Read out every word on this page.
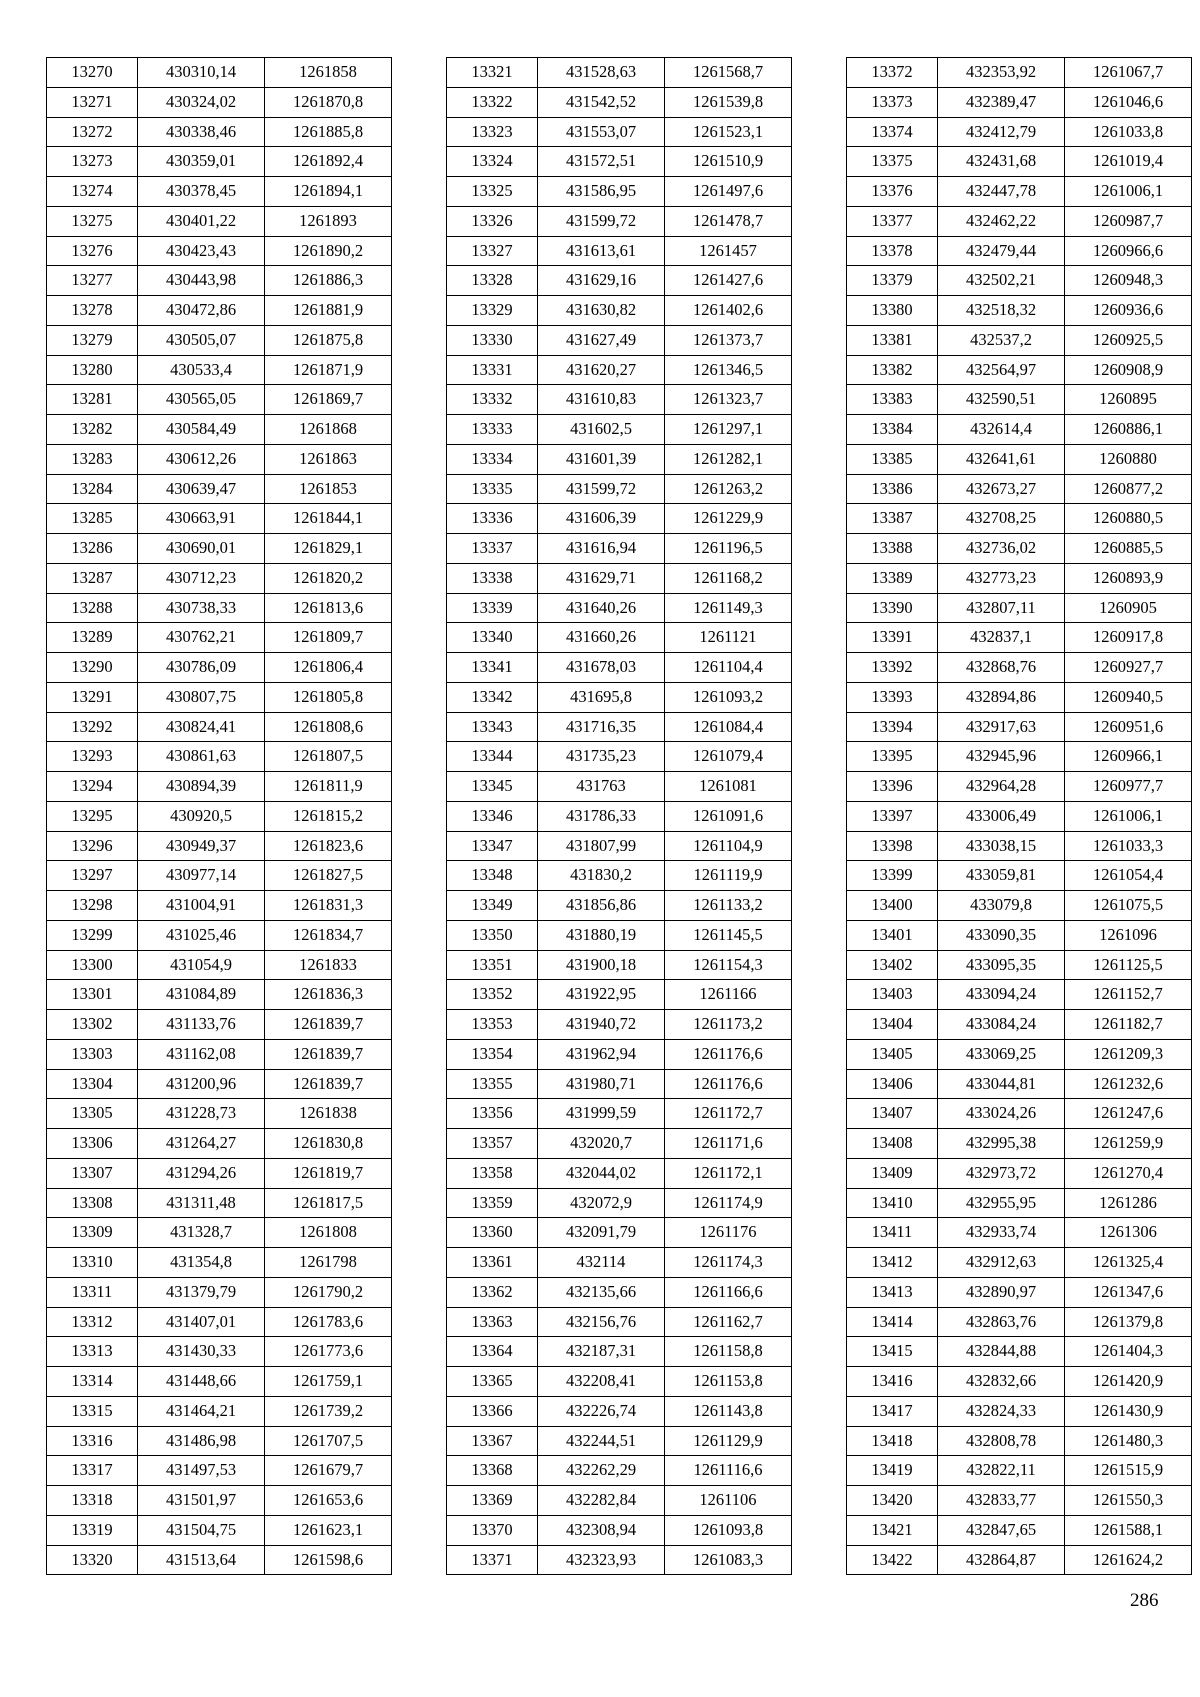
13270	430310,14	1261858
13271	430324,02	1261870,8
13272	430338,46	1261885,8
13273	430359,01	1261892,4
13274	430378,45	1261894,1
13275	430401,22	1261893
13276	430423,43	1261890,2
13277	430443,98	1261886,3
13278	430472,86	1261881,9
13279	430505,07	1261875,8
13280	430533,4	1261871,9
13281	430565,05	1261869,7
13282	430584,49	1261868
13283	430612,26	1261863
13284	430639,47	1261853
13285	430663,91	1261844,1
13286	430690,01	1261829,1
13287	430712,23	1261820,2
13288	430738,33	1261813,6
13289	430762,21	1261809,7
13290	430786,09	1261806,4
13291	430807,75	1261805,8
13292	430824,41	1261808,6
13293	430861,63	1261807,5
13294	430894,39	1261811,9
13295	430920,5	1261815,2
13296	430949,37	1261823,6
13297	430977,14	1261827,5
13298	431004,91	1261831,3
13299	431025,46	1261834,7
13300	431054,9	1261833
13301	431084,89	1261836,3
13302	431133,76	1261839,7
13303	431162,08	1261839,7
13304	431200,96	1261839,7
13305	431228,73	1261838
13306	431264,27	1261830,8
13307	431294,26	1261819,7
13308	431311,48	1261817,5
13309	431328,7	1261808
13310	431354,8	1261798
13311	431379,79	1261790,2
13312	431407,01	1261783,6
13313	431430,33	1261773,6
13314	431448,66	1261759,1
13315	431464,21	1261739,2
13316	431486,98	1261707,5
13317	431497,53	1261679,7
13318	431501,97	1261653,6
13319	431504,75	1261623,1
13320	431513,64	1261598,6
13321	431528,63	1261568,7
13322	431542,52	1261539,8
13323	431553,07	1261523,1
13324	431572,51	1261510,9
13325	431586,95	1261497,6
13326	431599,72	1261478,7
13327	431613,61	1261457
13328	431629,16	1261427,6
13329	431630,82	1261402,6
13330	431627,49	1261373,7
13331	431620,27	1261346,5
13332	431610,83	1261323,7
13333	431602,5	1261297,1
13334	431601,39	1261282,1
13335	431599,72	1261263,2
13336	431606,39	1261229,9
13337	431616,94	1261196,5
13338	431629,71	1261168,2
13339	431640,26	1261149,3
13340	431660,26	1261121
13341	431678,03	1261104,4
13342	431695,8	1261093,2
13343	431716,35	1261084,4
13344	431735,23	1261079,4
13345	431763	1261081
13346	431786,33	1261091,6
13347	431807,99	1261104,9
13348	431830,2	1261119,9
13349	431856,86	1261133,2
13350	431880,19	1261145,5
13351	431900,18	1261154,3
13352	431922,95	1261166
13353	431940,72	1261173,2
13354	431962,94	1261176,6
13355	431980,71	1261176,6
13356	431999,59	1261172,7
13357	432020,7	1261171,6
13358	432044,02	1261172,1
13359	432072,9	1261174,9
13360	432091,79	1261176
13361	432114	1261174,3
13362	432135,66	1261166,6
13363	432156,76	1261162,7
13364	432187,31	1261158,8
13365	432208,41	1261153,8
13366	432226,74	1261143,8
13367	432244,51	1261129,9
13368	432262,29	1261116,6
13369	432282,84	1261106
13370	432308,94	1261093,8
13371	432323,93	1261083,3
13372	432353,92	1261067,7
13373	432389,47	1261046,6
13374	432412,79	1261033,8
13375	432431,68	1261019,4
13376	432447,78	1261006,1
13377	432462,22	1260987,7
13378	432479,44	1260966,6
13379	432502,21	1260948,3
13380	432518,32	1260936,6
13381	432537,2	1260925,5
13382	432564,97	1260908,9
13383	432590,51	1260895
13384	432614,4	1260886,1
13385	432641,61	1260880
13386	432673,27	1260877,2
13387	432708,25	1260880,5
13388	432736,02	1260885,5
13389	432773,23	1260893,9
13390	432807,11	1260905
13391	432837,1	1260917,8
13392	432868,76	1260927,7
13393	432894,86	1260940,5
13394	432917,63	1260951,6
13395	432945,96	1260966,1
13396	432964,28	1260977,7
13397	433006,49	1261006,1
13398	433038,15	1261033,3
13399	433059,81	1261054,4
13400	433079,8	1261075,5
13401	433090,35	1261096
13402	433095,35	1261125,5
13403	433094,24	1261152,7
13404	433084,24	1261182,7
13405	433069,25	1261209,3
13406	433044,81	1261232,6
13407	433024,26	1261247,6
13408	432995,38	1261259,9
13409	432973,72	1261270,4
13410	432955,95	1261286
13411	432933,74	1261306
13412	432912,63	1261325,4
13413	432890,97	1261347,6
13414	432863,76	1261379,8
13415	432844,88	1261404,3
13416	432832,66	1261420,9
13417	432824,33	1261430,9
13418	432808,78	1261480,3
13419	432822,11	1261515,9
13420	432833,77	1261550,3
13421	432847,65	1261588,1
13422	432864,87	1261624,2
286
